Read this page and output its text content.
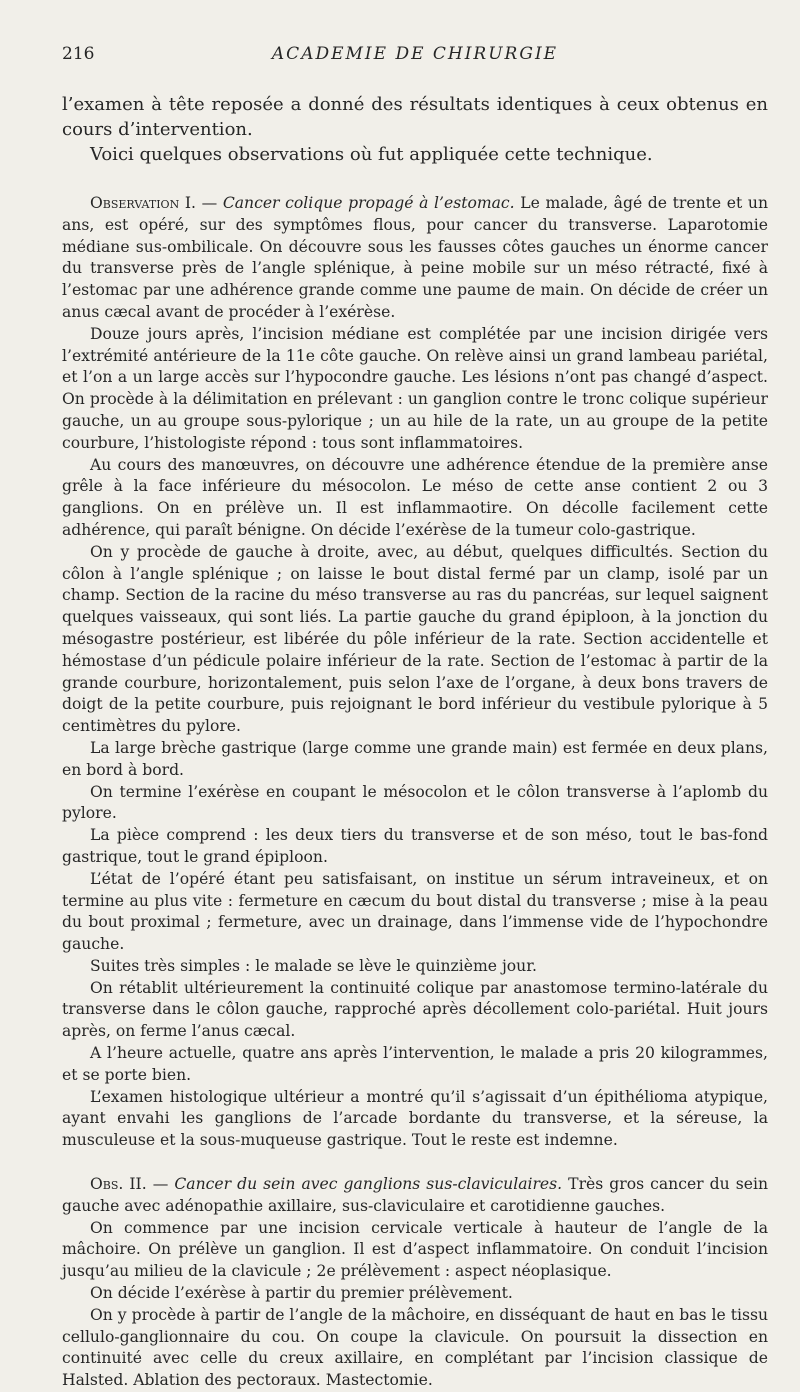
216	ACADEMIE DE CHIRURGIE

l’examen à tête reposée a donné des résultats identiques à ceux obtenus en cours d’intervention.

Voici quelques observations où fut appliquée cette technique.

Observation I. — Cancer colique propagé à l’estomac. Le malade, âgé de trente et un ans, est opéré, sur des symptômes flous, pour cancer du transverse. Laparotomie médiane sus-ombilicale. On découvre sous les fausses côtes gauches un énorme cancer du transverse près de l’angle splénique, à peine mobile sur un méso rétracté, fixé à l’estomac par une adhérence grande comme une paume de main. On décide de créer un anus cæcal avant de procéder à l’exérèse.

Douze jours après, l’incision médiane est complétée par une incision dirigée vers l’extrémité antérieure de la 11e côte gauche. On relève ainsi un grand lambeau pariétal, et l’on a un large accès sur l’hypocondre gauche. Les lésions n’ont pas changé d’aspect. On procède à la délimitation en prélevant : un ganglion contre le tronc colique supérieur gauche, un au groupe sous-pylorique ; un au hile de la rate, un au groupe de la petite courbure, l’histologiste répond : tous sont inflammatoires.

Au cours des manœuvres, on découvre une adhérence étendue de la première anse grêle à la face inférieure du mésocolon. Le méso de cette anse contient 2 ou 3 ganglions. On en prélève un. Il est inflammaotire. On décolle facilement cette adhérence, qui paraît bénigne. On décide l’exérèse de la tumeur colo-gastrique.

On y procède de gauche à droite, avec, au début, quelques difficultés. Section du côlon à l’angle splénique ; on laisse le bout distal fermé par un clamp, isolé par un champ. Section de la racine du méso transverse au ras du pancréas, sur lequel saignent quelques vaisseaux, qui sont liés. La partie gauche du grand épiploon, à la jonction du mésogastre postérieur, est libérée du pôle inférieur de la rate. Section accidentelle et hémostase d’un pédicule polaire inférieur de la rate. Section de l’estomac à partir de la grande courbure, horizontalement, puis selon l’axe de l’organe, à deux bons travers de doigt de la petite courbure, puis rejoignant le bord inférieur du vestibule pylorique à 5 centimètres du pylore.

La large brèche gastrique (large comme une grande main) est fermée en deux plans, en bord à bord.

On termine l’exérèse en coupant le mésocolon et le côlon transverse à l’aplomb du pylore.

La pièce comprend : les deux tiers du transverse et de son méso, tout le bas-fond gastrique, tout le grand épiploon.

L’état de l’opéré étant peu satisfaisant, on institue un sérum intraveineux, et on termine au plus vite : fermeture en cæcum du bout distal du transverse ; mise à la peau du bout proximal ; fermeture, avec un drainage, dans l’immense vide de l’hypochondre gauche.

Suites très simples : le malade se lève le quinzième jour.

On rétablit ultérieurement la continuité colique par anastomose termino-latérale du transverse dans le côlon gauche, rapproché après décollement colo-pariétal. Huit jours après, on ferme l’anus cæcal.

A l’heure actuelle, quatre ans après l’intervention, le malade a pris 20 kilogrammes, et se porte bien.

L’examen histologique ultérieur a montré qu’il s’agissait d’un épithélioma atypique, ayant envahi les ganglions de l’arcade bordante du transverse, et la séreuse, la musculeuse et la sous-muqueuse gastrique. Tout le reste est indemne.

Obs. II. — Cancer du sein avec ganglions sus-claviculaires. Très gros cancer du sein gauche avec adénopathie axillaire, sus-claviculaire et carotidienne gauches.

On commence par une incision cervicale verticale à hauteur de l’angle de la mâchoire. On prélève un ganglion. Il est d’aspect inflammatoire. On conduit l’incision jusqu’au milieu de la clavicule ; 2e prélèvement : aspect néoplasique.

On décide l’exérèse à partir du premier prélèvement.

On y procède à partir de l’angle de la mâchoire, en disséquant de haut en bas le tissu cellulo-ganglionnaire du cou. On coupe la clavicule. On poursuit la dissection en continuité avec celle du creux axillaire, en complétant par l’incision classique de Halsted. Ablation des pectoraux. Mastectomie.
